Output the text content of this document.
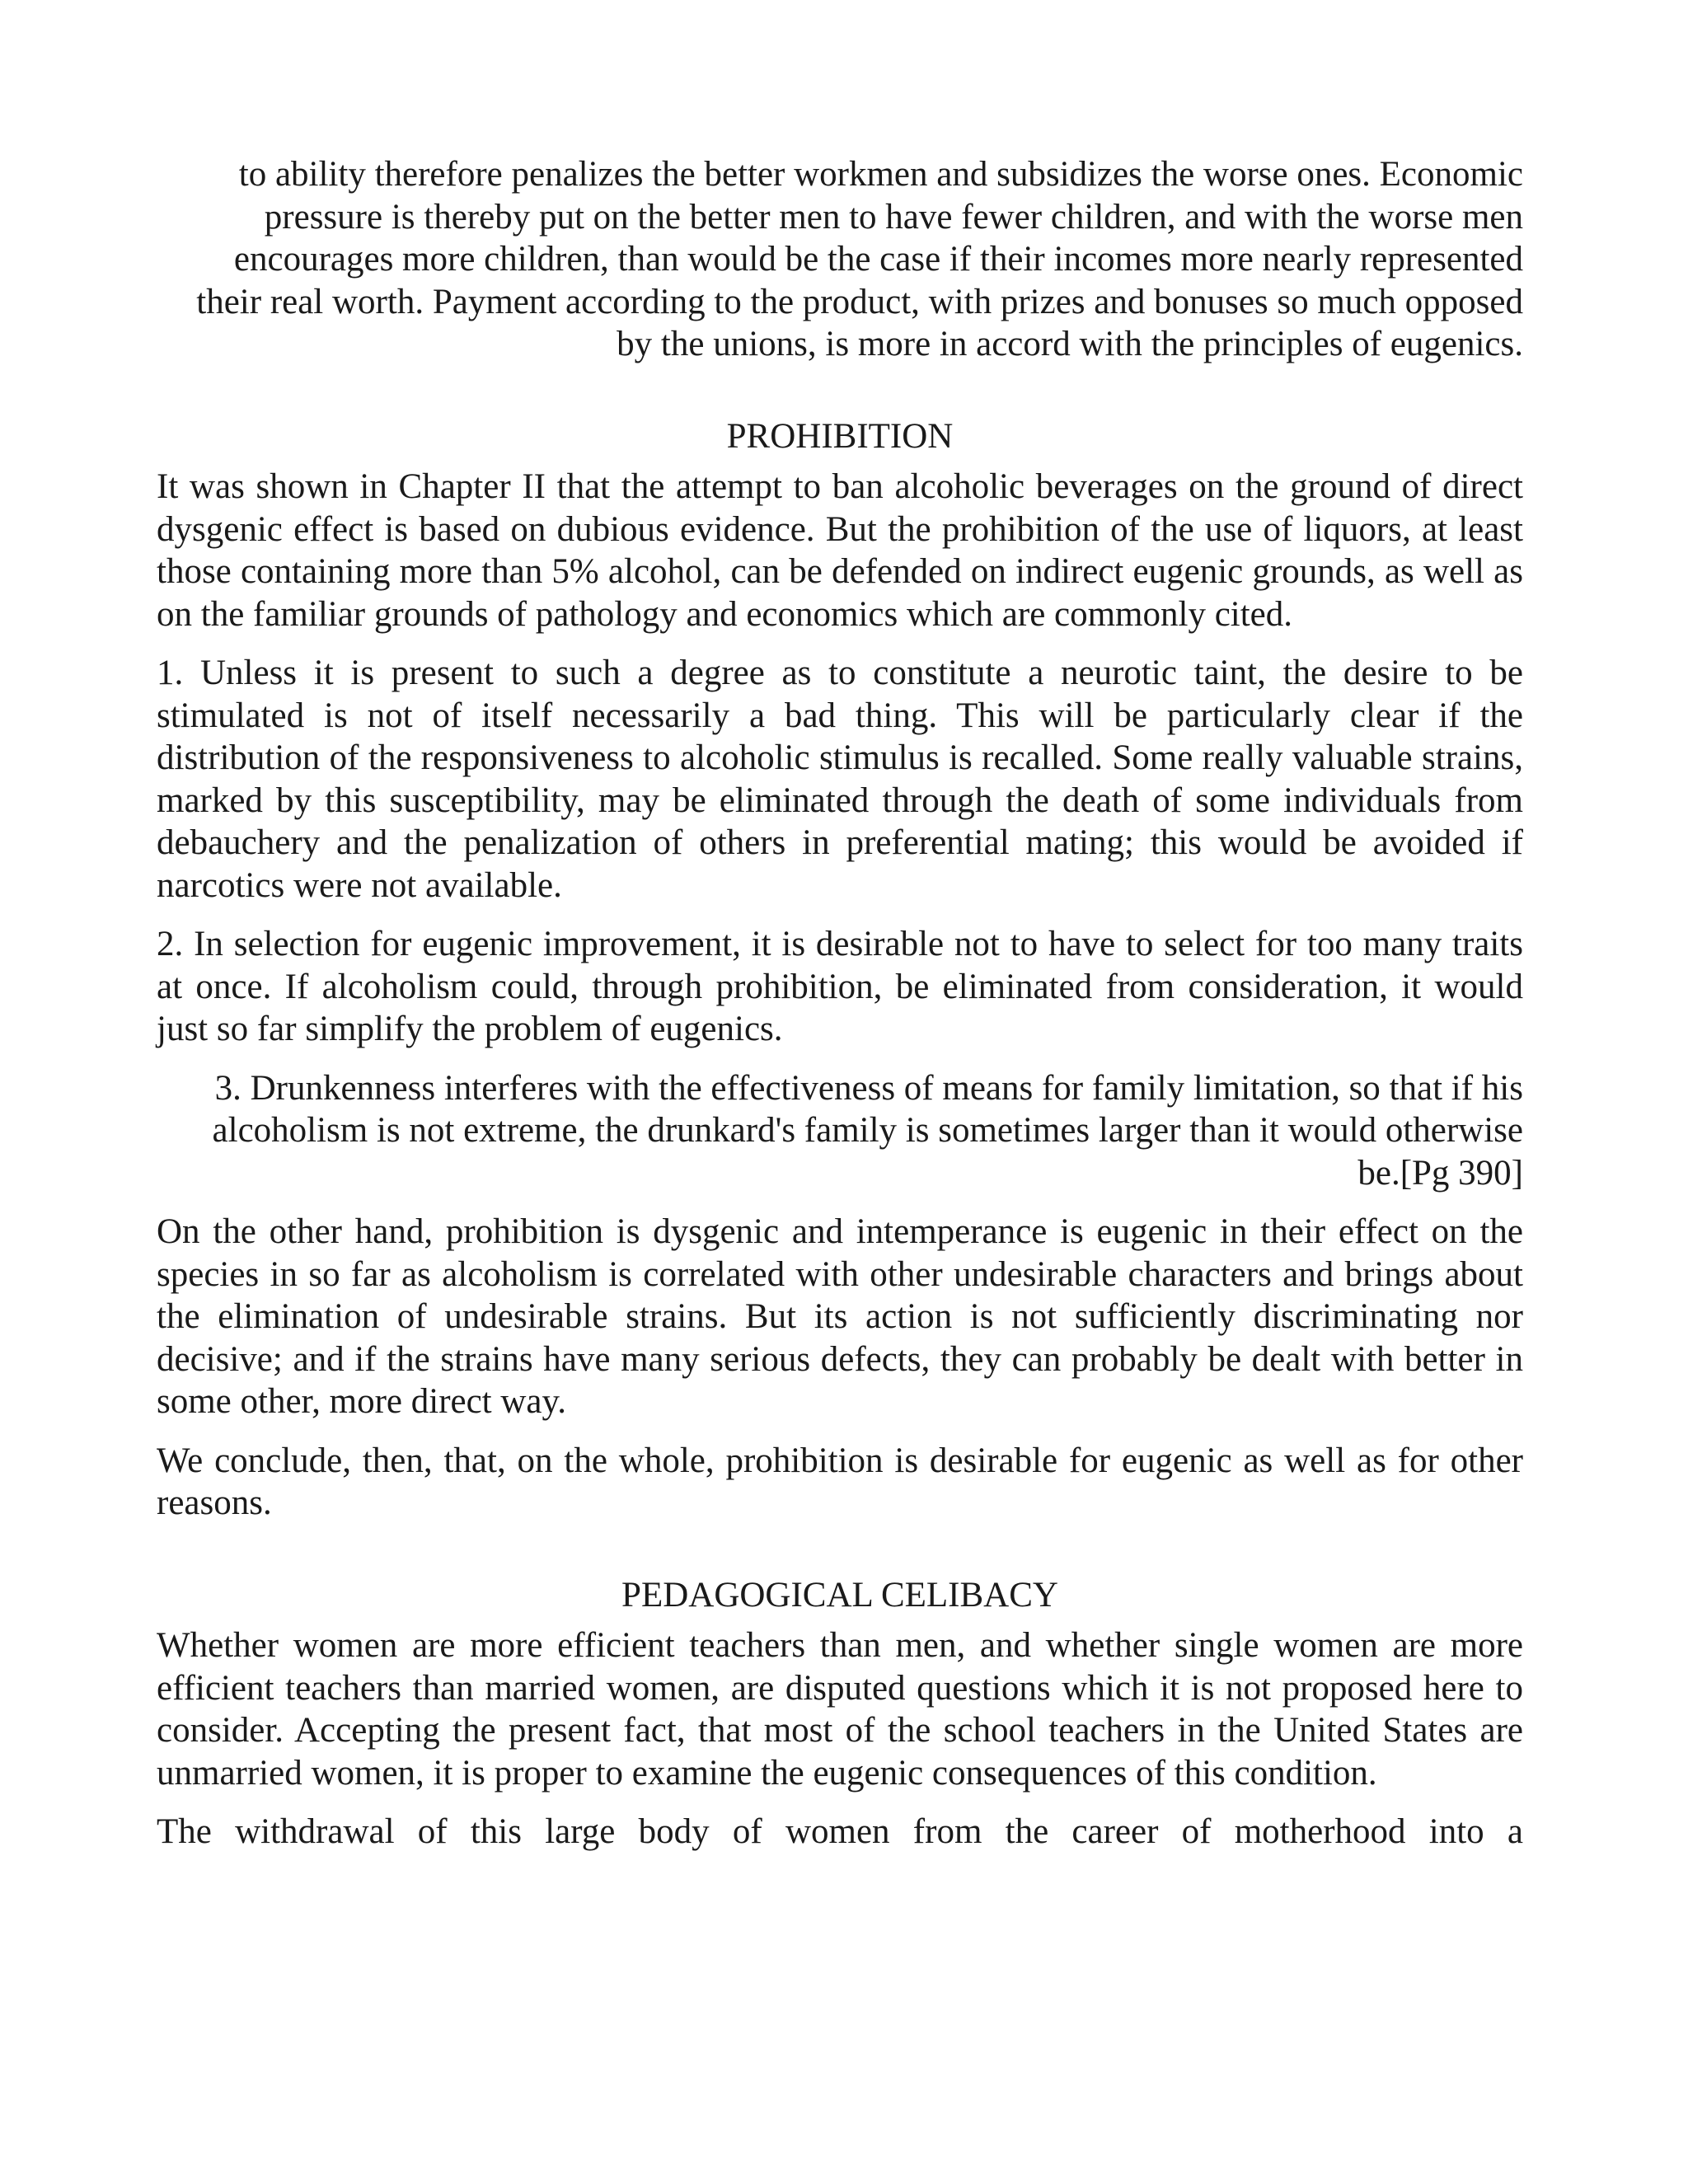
to ability therefore penalizes the better workmen and subsidizes the worse ones. Economic pressure is thereby put on the better men to have fewer children, and with the worse men encourages more children, than would be the case if their incomes more nearly represented their real worth. Payment according to the product, with prizes and bonuses so much opposed by the unions, is more in accord with the principles of eugenics.

PROHIBITION

It was shown in Chapter II that the attempt to ban alcoholic beverages on the ground of direct dysgenic effect is based on dubious evidence. But the prohibition of the use of liquors, at least those containing more than 5% alcohol, can be defended on indirect eugenic grounds, as well as on the familiar grounds of pathology and economics which are commonly cited.

1. Unless it is present to such a degree as to constitute a neurotic taint, the desire to be stimulated is not of itself necessarily a bad thing. This will be particularly clear if the distribution of the responsiveness to alcoholic stimulus is recalled. Some really valuable strains, marked by this susceptibility, may be eliminated through the death of some individuals from debauchery and the penalization of others in preferential mating; this would be avoided if narcotics were not available.

2. In selection for eugenic improvement, it is desirable not to have to select for too many traits at once. If alcoholism could, through prohibition, be eliminated from consideration, it would just so far simplify the problem of eugenics.

3. Drunkenness interferes with the effectiveness of means for family limitation, so that if his alcoholism is not extreme, the drunkard's family is sometimes larger than it would otherwise be.[Pg 390]

On the other hand, prohibition is dysgenic and intemperance is eugenic in their effect on the species in so far as alcoholism is correlated with other undesirable characters and brings about the elimination of undesirable strains. But its action is not sufficiently discriminating nor decisive; and if the strains have many serious defects, they can probably be dealt with better in some other, more direct way.

We conclude, then, that, on the whole, prohibition is desirable for eugenic as well as for other reasons.

PEDAGOGICAL CELIBACY

Whether women are more efficient teachers than men, and whether single women are more efficient teachers than married women, are disputed questions which it is not proposed here to consider. Accepting the present fact, that most of the school teachers in the United States are unmarried women, it is proper to examine the eugenic consequences of this condition.

The withdrawal of this large body of women from the career of motherhood into a
